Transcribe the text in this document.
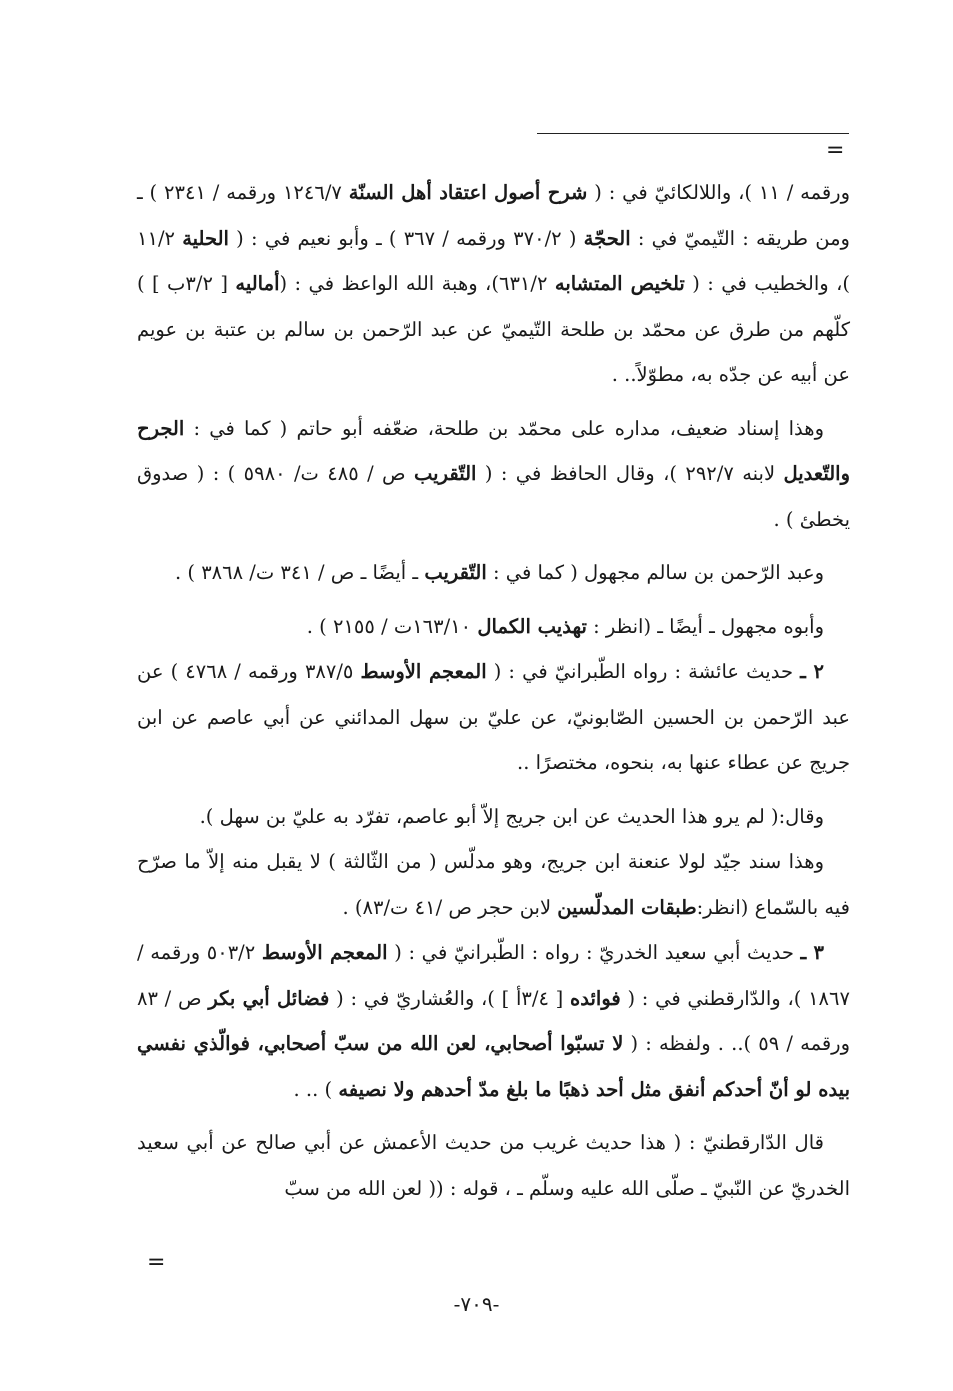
=

ورقمه / ١١ )، واللالكائيّ في : ( شرح أصول اعتقاد أهل السنّة ١٢٤٦/٧ ورقمه / ٢٣٤١ ) ـ ومن طريقه : التّيميّ في : الحجّة ( ٣٧٠/٢ ورقمه / ٣٦٧ ) ـ وأبو نعيم في : ( الحلية ١١/٢ )، والخطيب في : ( تلخيص المتشابه ٦٣١/٢)، وهبة الله الواعظ في : (أماليه [ ٣/٢ب ] ) كلّهم من طرق عن محمّد بن طلحة التّيميّ عن عبد الرّحمن بن سالم بن عتبة بن عويم عن أبيه عن جدّه به، مطوّلاً.. .

وهذا إسناد ضعيف، مداره على محمّد بن طلحة، ضعّفه أبو حاتم ( كما في : الجرح والتّعديل لابنه ٢٩٢/٧ )، وقال الحافظ في : ( التّقريب ص / ٤٨٥ ت/ ٥٩٨٠ ) : ( صدوق يخطئ ) .

وعبد الرّحمن بن سالم مجهول ( كما في : التّقريب ـ أيضًا ـ ص / ٣٤١ ت/ ٣٨٦٨ ) .

وأبوه مجهول ـ أيضًا ـ (انظر : تهذيب الكمال ١٦٣/١٠ت / ٢١٥٥ ) .

٢ ـ حديث عائشة : رواه الطّبرانيّ في : ( المعجم الأوسط ٣٨٧/٥ ورقمه / ٤٧٦٨ ) عن عبد الرّحمن بن الحسين الصّابونيّ، عن عليّ بن سهل المدائني عن أبي عاصم عن ابن جريج عن عطاء عنها به، بنحوه، مختصرًا ..

وقال:( لم يرو هذا الحديث عن ابن جريج إلاّ أبو عاصم، تفرّد به عليّ بن سهل ).

وهذا سند جيّد لولا عنعنة ابن جريج، وهو مدلّس ( من الثّالثة ) لا يقبل منه إلاّ ما صرّح فيه بالسّماع (انظر:طبقات المدلّسين لابن حجر ص /٤١ ت/٨٣) .

٣ ـ حديث أبي سعيد الخدريّ : رواه : الطّبرانيّ في : ( المعجم الأوسط ٥٠٣/٢ ورقمه / ١٨٦٧ )، والدّارقطني في : ( فوائده [ ٣/٤أ ] )، والعُشاريّ في : ( فضائل أبي بكر ص / ٨٣ ورقمه / ٥٩ ).. . ولفظه : ( لا تسبّوا أصحابي، لعن الله من سبّ أصحابي، فوالّذي نفسي بيده لو أنّ أحدكم أنفق مثل أحد ذهبًا ما بلغ مدّ أحدهم ولا نصيفه ) .. .

قال الدّارقطنيّ : ( هذا حديث غريب من حديث الأعمش عن أبي صالح عن أبي سعيد الخدريّ عن النّبيّ ـ صلّى الله عليه وسلّم ـ ، قوله : (( لعن الله من سبّ

=
-٧٠٩-
